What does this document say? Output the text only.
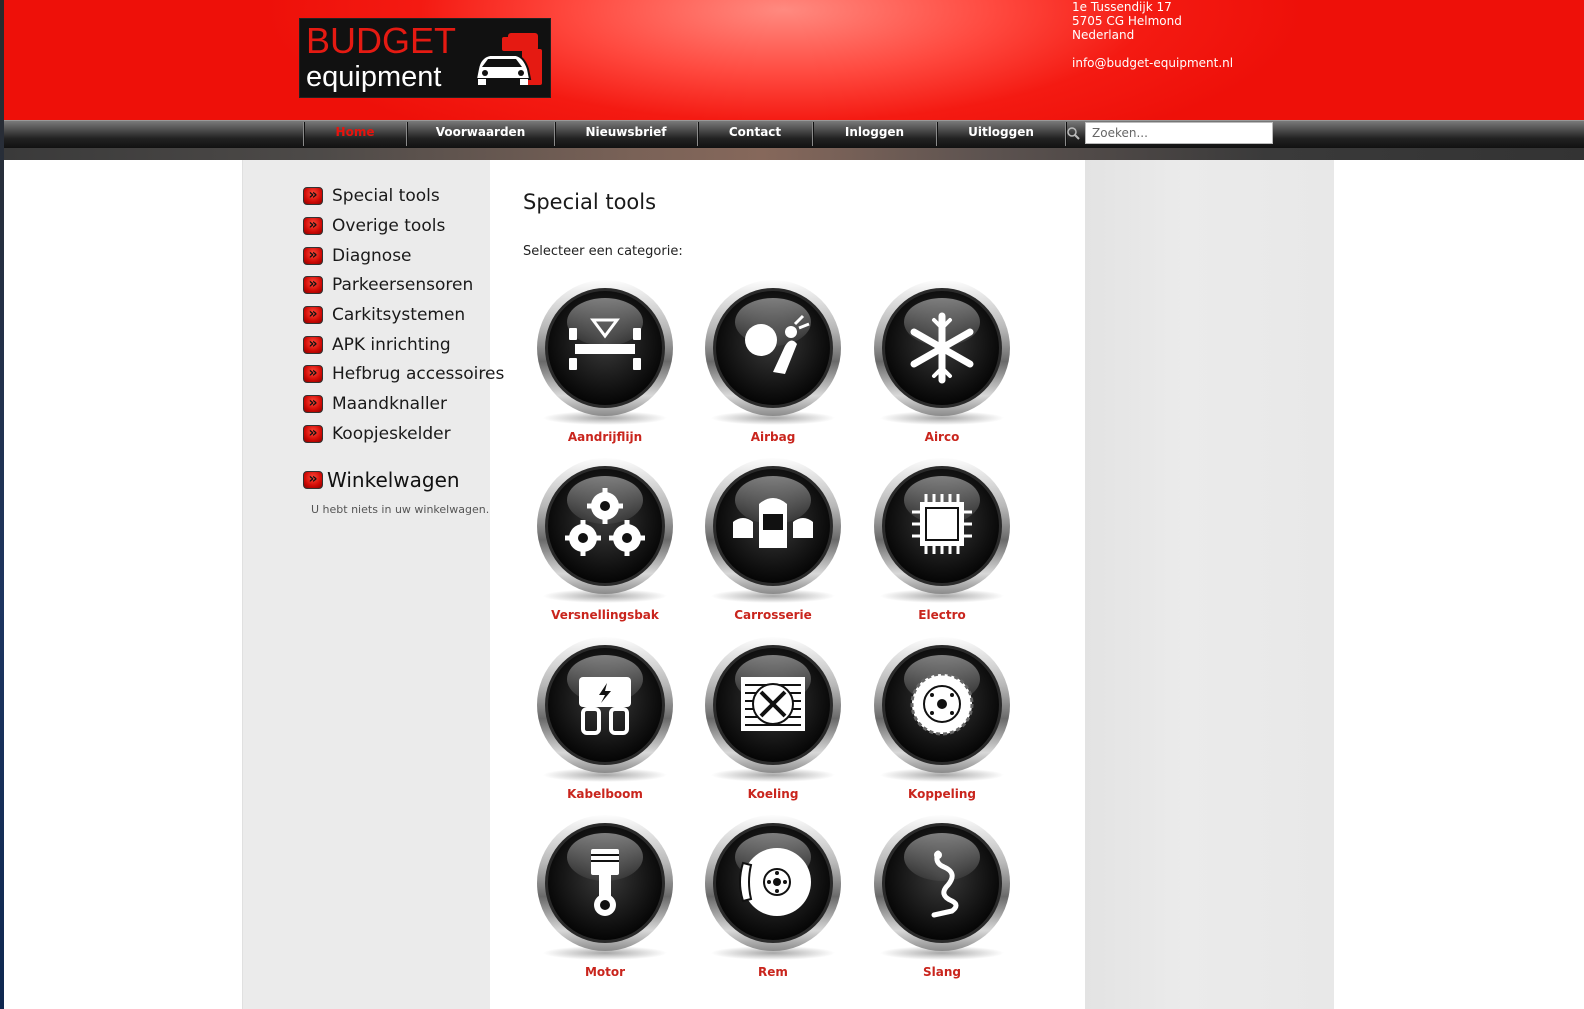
BUDGET
equipment
1e Tussendijk 17
5705 CG Helmond
Nederland
info@budget-equipment.nl
Home	Voorwaarden	Nieuwsbrief	Contact	Inloggen	Uitloggen
Zoeken...
»
Special tools
»
Overige tools
»
Diagnose
»
Parkeersensoren
»
Carkitsystemen
»
APK inrichting
»
Hefbrug accessoires
»
Maandknaller
»
Koopjeskelder
»
Winkelwagen
U hebt niets in uw winkelwagen.
Special tools
Selecteer een categorie:
Aandrijflijn	Airbag	Airco
Versnellingsbak	Carrosserie	Electro
Kabelboom	Koeling	Koppeling
Motor	Rem	Slang
